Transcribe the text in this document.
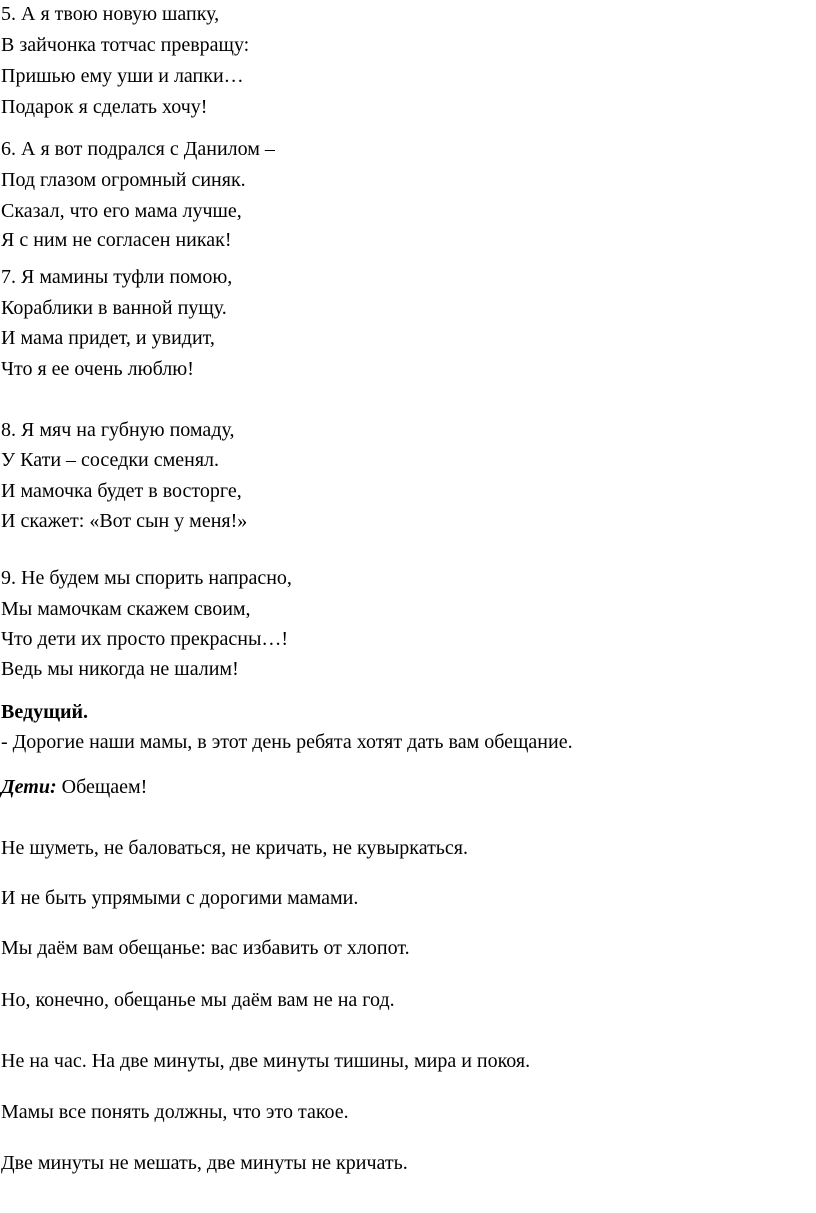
5. А я твою новую шапку,

В зайчонка тотчас превращу:

Пришью ему уши и лапки…

Подарок я сделать хочу!

6. А я вот подрался с Данилом –

Под глазом огромный синяк.

Сказал, что его мама лучше,

Я с ним не согласен никак!

7. Я мамины туфли помою,

Кораблики в ванной пущу.

И мама придет, и увидит,

Что я ее очень люблю!

8. Я мяч на губную помаду,

У Кати – соседки сменял.

И мамочка будет в восторге,

И скажет: «Вот сын у меня!»

9. Не будем мы спорить напрасно,

Мы мамочкам скажем своим,

Что дети их просто прекрасны…!

Ведь мы никогда не шалим!

Ведущий.

- Дорогие наши мамы, в этот день ребята хотят дать вам обещание.

Дети: Обещаем!

Не шуметь, не баловаться, не кричать, не кувыркаться.

И не быть упрямыми с дорогими мамами.

Мы даём вам обещанье: вас избавить от хлопот.

Но, конечно, обещанье мы даём вам не на год.

Не на час. На две минуты, две минуты тишины, мира и покоя.

Мамы все понять должны, что это такое.

Две минуты не мешать, две минуты не кричать.
